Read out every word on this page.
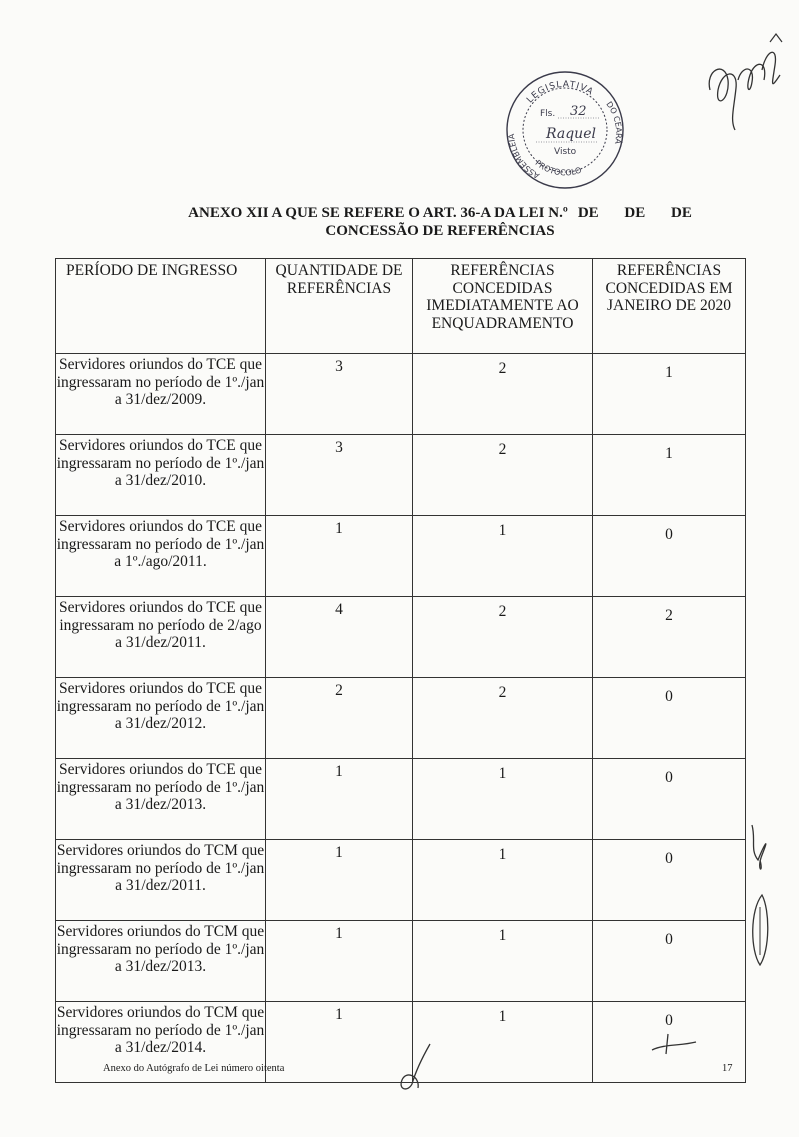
LEGISLATIVA
ASSEMBLEIA
DO CEARÁ
PROTOCOLO
Fls. 32
Raquel
Visto
ANEXO XII A QUE SE REFERE O ART. 36-A DA LEI N.º DE DE DE
CONCESSÃO DE REFERÊNCIAS
PERÍODO DE INGRESSO	QUANTIDADE DE REFERÊNCIAS	REFERÊNCIAS CONCEDIDAS IMEDIATAMENTE AO ENQUADRAMENTO	REFERÊNCIAS CONCEDIDAS EM JANEIRO DE 2020
Servidores oriundos do TCE que ingressaram no período de 1º./jan a 31/dez/2009.	3	2	1
Servidores oriundos do TCE que ingressaram no período de 1º./jan a 31/dez/2010.	3	2	1
Servidores oriundos do TCE que ingressaram no período de 1º./jan a 1º./ago/2011.	1	1	0
Servidores oriundos do TCE que ingressaram no período de 2/ago a 31/dez/2011.	4	2	2
Servidores oriundos do TCE que ingressaram no período de 1º./jan a 31/dez/2012.	2	2	0
Servidores oriundos do TCE que ingressaram no período de 1º./jan a 31/dez/2013.	1	1	0
Servidores oriundos do TCM que ingressaram no período de 1º./jan a 31/dez/2011.	1	1	0
Servidores oriundos do TCM que ingressaram no período de 1º./jan a 31/dez/2013.	1	1	0
Servidores oriundos do TCM que ingressaram no período de 1º./jan a 31/dez/2014.	1	1	0
Anexo do Autógrafo de Lei número oitenta	17
